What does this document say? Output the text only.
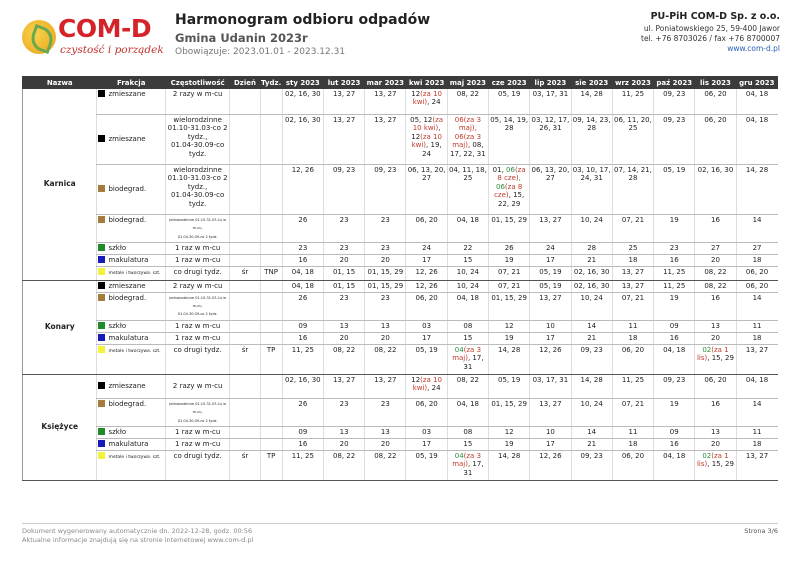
COM-D
czystość i porządek
Harmonogram odbioru odpadów
Gmina Udanin 2023r
Obowiązuje: 2023.01.01 - 2023.12.31
PU-PiH COM-D Sp. z o.o.
ul. Poniatowskiego 25, 59-400 Jawor
tel. +76 8703026 / fax +76 8700007
www.com-d.pl
Nazwa	Frakcja	Częstotliwość	Dzień	Tydz.	sty 2023	lut 2023	mar 2023	kwi 2023	maj 2023	cze 2023	lip 2023	sie 2023	wrz 2023	paź 2023	lis 2023	gru 2023
Karnica	zmieszane	2 razy w m-cu			02, 16, 30	13, 27	13, 27	12(za 10 kwi), 24	08, 22	05, 19	03, 17, 31	14, 28	11, 25	09, 23	06, 20	04, 18
	zmieszane	wielorodzinne
01.10-31.03-co 2 tydz.,
01.04-30.09-co tydz.			02, 16, 30	13, 27	13, 27	05, 12(za 10 kwi), 12(za 10 kwi), 19, 24	06(za 3 maj), 06(za 3 maj), 08, 17, 22, 31	05, 14, 19, 28	03, 12, 17, 26, 31	09, 14, 23, 28	06, 11, 20, 25	09, 23	06, 20	04, 18
	biodegrad.	wielorodzinne
01.10-31.03-co 2 tydz.,
01.04-30.09-co tydz.			12, 26	09, 23	09, 23	06, 13, 20, 27	04, 11, 18, 25	01, 06(za 8 cze), 06(za 8 cze), 15, 22, 29	06, 13, 20, 27	03, 10, 17, 24, 31	07, 14, 21, 28	05, 19	02, 16, 30	14, 28
	biodegrad.	jednorodzinne 01.10-31.03-1x w m-cu,
01.04-30.09-co 2 tydz.			26	23	23	06, 20	04, 18	01, 15, 29	13, 27	10, 24	07, 21	19	16	14
	szkło	1 raz w m-cu			23	23	23	24	22	26	24	28	25	23	27	27
	makulatura	1 raz w m-cu			16	20	20	17	15	19	17	21	18	16	20	18
	metale i tworzywa. szt.	co drugi tydz.	śr	TNP	04, 18	01, 15	01, 15, 29	12, 26	10, 24	07, 21	05, 19	02, 16, 30	13, 27	11, 25	08, 22	06, 20
Konary	zmieszane	2 razy w m-cu			04, 18	01, 15	01, 15, 29	12, 26	10, 24	07, 21	05, 19	02, 16, 30	13, 27	11, 25	08, 22	06, 20
	biodegrad.	jednorodzinne 01.10-31.03-1x w m-cu,
01.04-30.09-co 2 tydz.			26	23	23	06, 20	04, 18	01, 15, 29	13, 27	10, 24	07, 21	19	16	14
	szkło	1 raz w m-cu			09	13	13	03	08	12	10	14	11	09	13	11
	makulatura	1 raz w m-cu			16	20	20	17	15	19	17	21	18	16	20	18
	metale i tworzywa. szt.	co drugi tydz.	śr	TP	11, 25	08, 22	08, 22	05, 19	04(za 3 maj), 17, 31	14, 28	12, 26	09, 23	06, 20	04, 18	02(za 1 lis), 15, 29	13, 27
Księżyce	zmieszane	2 razy w m-cu			02, 16, 30	13, 27	13, 27	12(za 10 kwi), 24	08, 22	05, 19	03, 17, 31	14, 28	11, 25	09, 23	06, 20	04, 18
	biodegrad.	jednorodzinne 01.10-31.03-1x w m-cu,
01.04-30.09-co 2 tydz.			26	23	23	06, 20	04, 18	01, 15, 29	13, 27	10, 24	07, 21	19	16	14
	szkło	1 raz w m-cu			09	13	13	03	08	12	10	14	11	09	13	11
	makulatura	1 raz w m-cu			16	20	20	17	15	19	17	21	18	16	20	18
	metale i tworzywa. szt.	co drugi tydz.	śr	TP	11, 25	08, 22	08, 22	05, 19	04(za 3 maj), 17, 31	14, 28	12, 26	09, 23	06, 20	04, 18	02(za 1 lis), 15, 29	13, 27
Dokument wygenerowany automatycznie dn. 2022-12-28, godz. 00:56
Aktualne informacje znajdują się na stronie internetowej www.com-d.pl
Strona 3/6
